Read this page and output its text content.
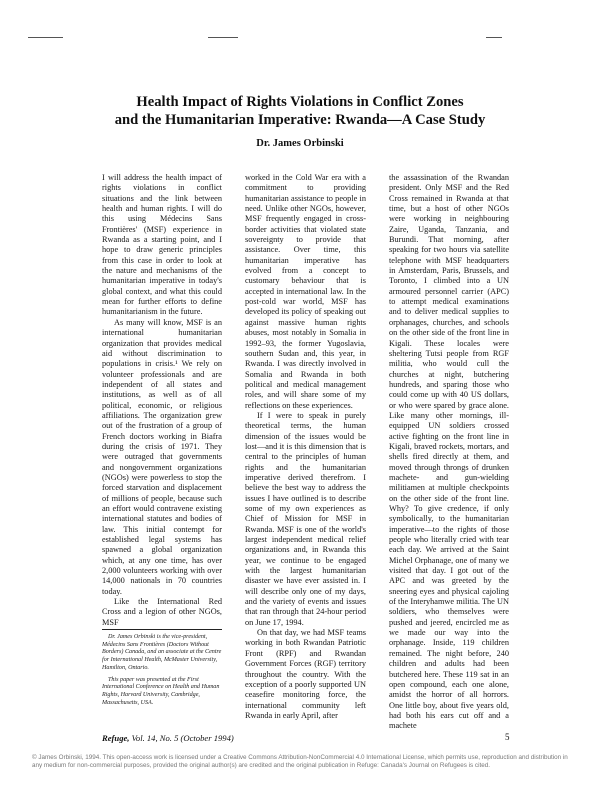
Health Impact of Rights Violations in Conflict Zones
and the Humanitarian Imperative: Rwanda—A Case Study
Dr. James Orbinski

I will address the health impact of rights violations in conflict situations and the link between health and human rights. I will do this using Médecins Sans Frontières' (MSF) experience in Rwanda as a starting point, and I hope to draw generic principles from this case in order to look at the nature and mechanisms of the humanitarian imperative in today's global context, and what this could mean for further efforts to define humanitarianism in the future.

As many will know, MSF is an international humanitarian organization that provides medical aid without discrimination to populations in crisis.¹ We rely on volunteer professionals and are independent of all states and institutions, as well as of all political, economic, or religious affiliations. The organization grew out of the frustration of a group of French doctors working in Biafra during the crisis of 1971. They were outraged that governments and nongovernment organizations (NGOs) were powerless to stop the forced starvation and displacement of millions of people, because such an effort would contravene existing international statutes and bodies of law. This initial contempt for established legal systems has spawned a global organization which, at any one time, has over 2,000 volunteers working with over 14,000 nationals in 70 countries today.

Like the International Red Cross and a legion of other NGOs, MSF

Dr. James Orbinski is the vice-president, Médecins Sans Frontières (Doctors Without Borders) Canada, and an associate at the Centre for International Health, McMaster University, Hamilton, Ontario.

This paper was presented at the First International Conference on Health and Human Rights, Harvard University, Cambridge, Massachusetts, USA.

worked in the Cold War era with a commitment to providing humanitarian assistance to people in need. Unlike other NGOs, however, MSF frequently engaged in cross-border activities that violated state sovereignty to provide that assistance. Over time, this humanitarian imperative has evolved from a concept to customary behaviour that is accepted in international law. In the post-cold war world, MSF has developed its policy of speaking out against massive human rights abuses, most notably in Somalia in 1992–93, the former Yugoslavia, southern Sudan and, this year, in Rwanda. I was directly involved in Somalia and Rwanda in both political and medical management roles, and will share some of my reflections on these experiences.

If I were to speak in purely theoretical terms, the human dimension of the issues would be lost—and it is this dimension that is central to the principles of human rights and the humanitarian imperative derived therefrom. I believe the best way to address the issues I have outlined is to describe some of my own experiences as Chief of Mission for MSF in Rwanda. MSF is one of the world's largest independent medical relief organizations and, in Rwanda this year, we continue to be engaged with the largest humanitarian disaster we have ever assisted in. I will describe only one of my days, and the variety of events and issues that ran through that 24-hour period on June 17, 1994.

On that day, we had MSF teams working in both Rwandan Patriotic Front (RPF) and Rwandan Government Forces (RGF) territory throughout the country. With the exception of a poorly supported UN ceasefire monitoring force, the international community left Rwanda in early April, after

the assassination of the Rwandan president. Only MSF and the Red Cross remained in Rwanda at that time, but a host of other NGOs were working in neighbouring Zaire, Uganda, Tanzania, and Burundi. That morning, after speaking for two hours via satellite telephone with MSF headquarters in Amsterdam, Paris, Brussels, and Toronto, I climbed into a UN armoured personnel carrier (APC) to attempt medical examinations and to deliver medical supplies to orphanages, churches, and schools on the other side of the front line in Kigali. These locales were sheltering Tutsi people from RGF militia, who would cull the churches at night, butchering hundreds, and sparing those who could come up with 40 US dollars, or who were spared by grace alone. Like many other mornings, ill-equipped UN soldiers crossed active fighting on the front line in Kigali, braved rockets, mortars, and shells fired directly at them, and moved through throngs of drunken machete- and gun-wielding militiamen at multiple checkpoints on the other side of the front line. Why? To give credence, if only symbolically, to the humanitarian imperative—to the rights of those people who literally cried with tear each day. We arrived at the Saint Michel Orphanage, one of many we visited that day. I got out of the APC and was greeted by the sneering eyes and physical cajoling of the Interyhamwe militia. The UN soldiers, who themselves were pushed and jeered, encircled me as we made our way into the orphanage. Inside, 119 children remained. The night before, 240 children and adults had been butchered here. These 119 sat in an open compound, each one alone, amidst the horror of all horrors. One little boy, about five years old, had both his ears cut off and a machete

Refuge, Vol. 14, No. 5 (October 1994)	5
© James Orbinski, 1994. This open-access work is licensed under a Creative Commons Attribution-NonCommercial 4.0 International License, which permits use, reproduction and distribution in any medium for non-commercial purposes, provided the original author(s) are credited and the original publication in Refuge: Canada's Journal on Refugees is cited.
